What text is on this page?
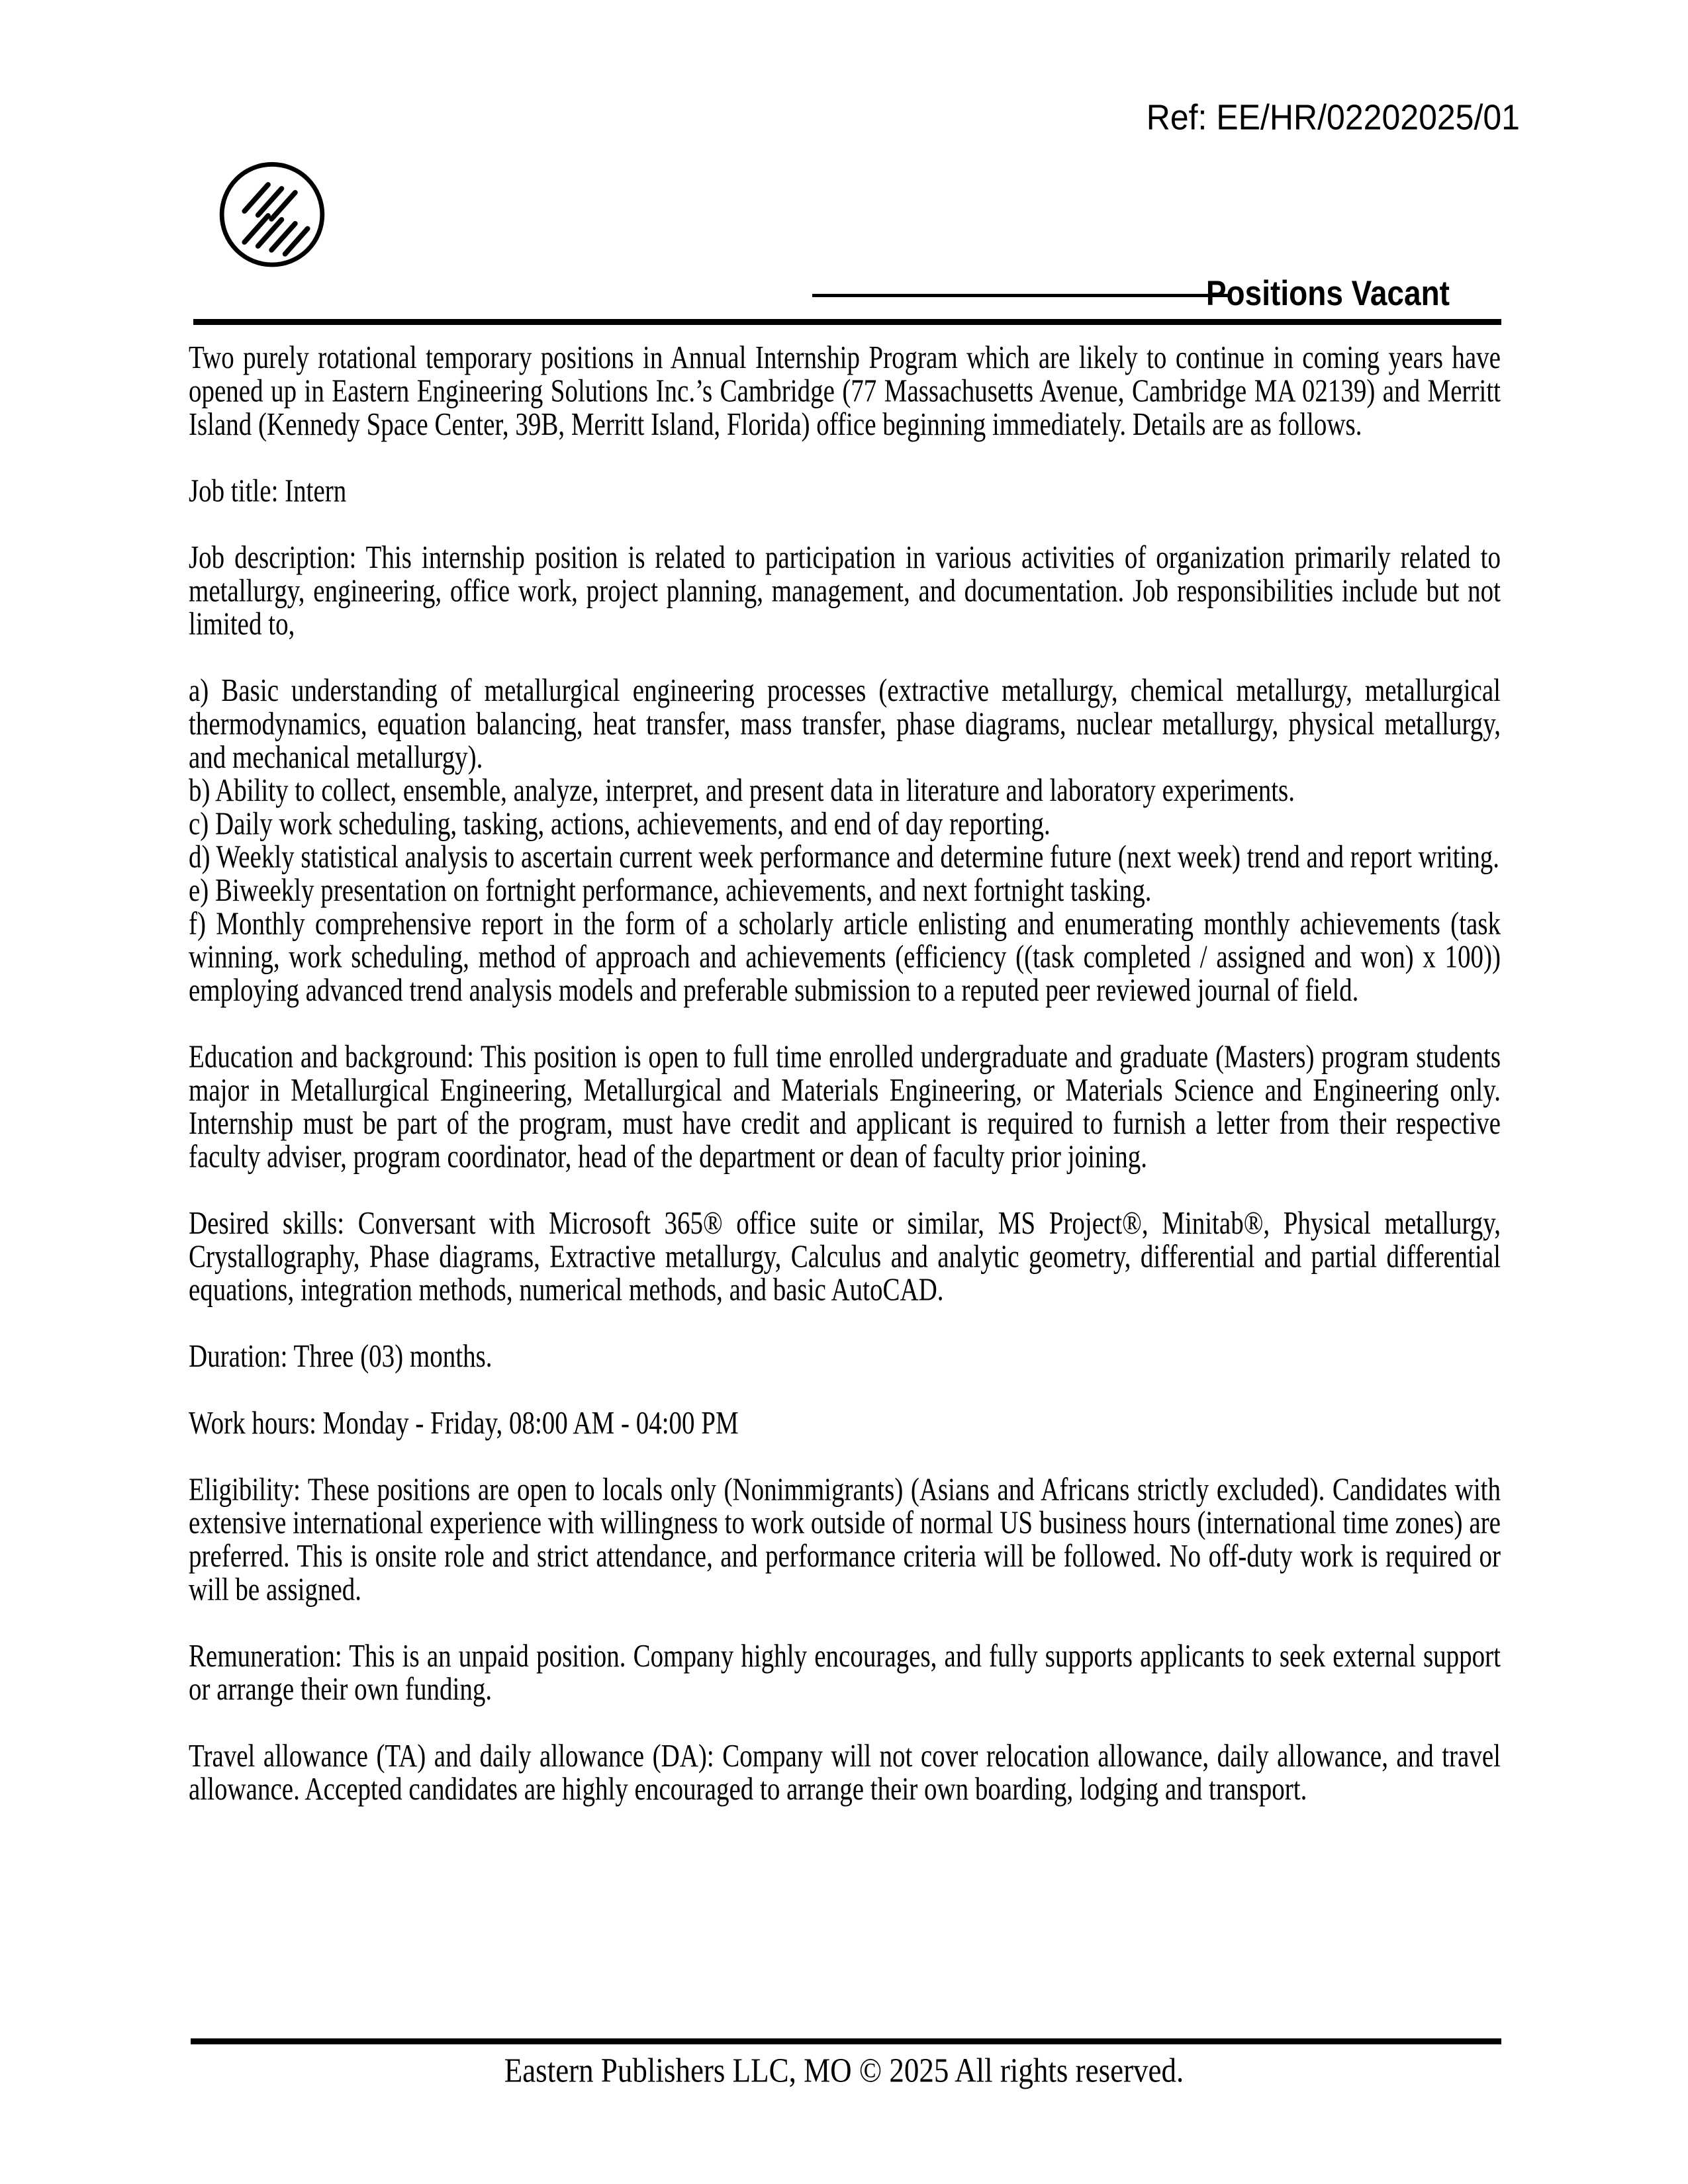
Ref: EE/HR/02202025/01
Positions Vacant

Two purely rotational temporary positions in Annual Internship Program which are likely to continue in coming years have opened up in Eastern Engineering Solutions Inc.’s Cambridge (77 Massachusetts Avenue, Cambridge MA 02139) and Merritt Island (Kennedy Space Center, 39B, Merritt Island, Florida) office beginning immediately. Details are as follows.

Job title: Intern

Job description: This internship position is related to participation in various activities of organization primarily related to metallurgy, engineering, office work, project planning, management, and documentation. Job responsibilities include but not limited to,

a) Basic understanding of metallurgical engineering processes (extractive metallurgy, chemical metallurgy, metallurgical thermodynamics, equation balancing, heat transfer, mass transfer, phase diagrams, nuclear metallurgy, physical metallurgy, and mechanical metallurgy).

b) Ability to collect, ensemble, analyze, interpret, and present data in literature and laboratory experiments.

c) Daily work scheduling, tasking, actions, achievements, and end of day reporting.

d) Weekly statistical analysis to ascertain current week performance and determine future (next week) trend and report writing.

e) Biweekly presentation on fortnight performance, achievements, and next fortnight tasking.

f) Monthly comprehensive report in the form of a scholarly article enlisting and enumerating monthly achievements (task winning, work scheduling, method of approach and achievements (efficiency ((task completed / assigned and won) x 100)) employing advanced trend analysis models and preferable submission to a reputed peer reviewed journal of field.

Education and background: This position is open to full time enrolled undergraduate and graduate (Masters) program students major in Metallurgical Engineering, Metallurgical and Materials Engineering, or Materials Science and Engineering only. Internship must be part of the program, must have credit and applicant is required to furnish a letter from their respective faculty adviser, program coordinator, head of the department or dean of faculty prior joining.

Desired skills: Conversant with Microsoft 365® office suite or similar, MS Project®, Minitab®, Physical metallurgy, Crystallography, Phase diagrams, Extractive metallurgy, Calculus and analytic geometry, differential and partial differential equations, integration methods, numerical methods, and basic AutoCAD.

Duration: Three (03) months.

Work hours: Monday - Friday, 08:00 AM - 04:00 PM

Eligibility: These positions are open to locals only (Nonimmigrants) (Asians and Africans strictly excluded). Candidates with extensive international experience with willingness to work outside of normal US business hours (international time zones) are preferred. This is onsite role and strict attendance, and performance criteria will be followed. No off-duty work is required or will be assigned.

Remuneration: This is an unpaid position. Company highly encourages, and fully supports applicants to seek external support or arrange their own funding.

Travel allowance (TA) and daily allowance (DA): Company will not cover relocation allowance, daily allowance, and travel allowance. Accepted candidates are highly encouraged to arrange their own boarding, lodging and transport.

Eastern Publishers LLC, MO © 2025 All rights reserved.
